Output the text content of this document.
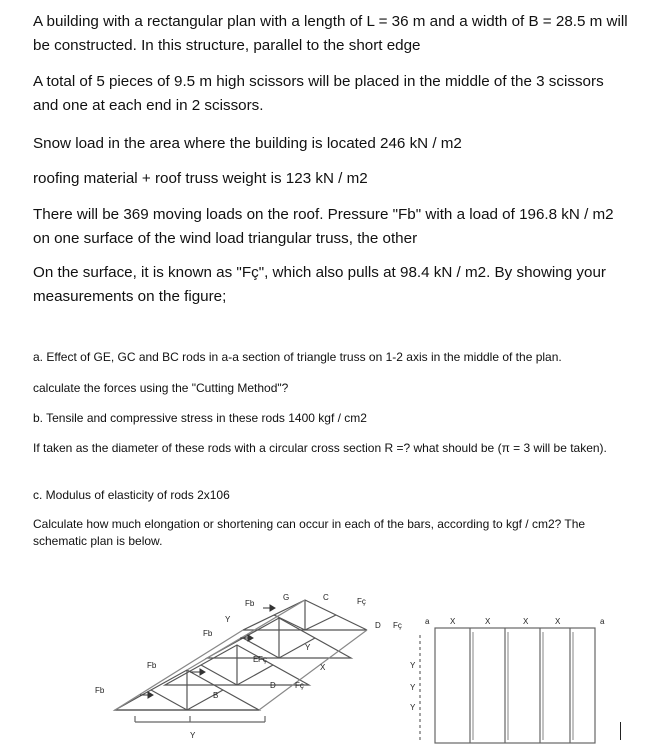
A building with a rectangular plan with a length of L = 36 m and a width of B = 28.5 m will be constructed. In this structure, parallel to the short edge

A total of 5 pieces of 9.5 m high scissors will be placed in the middle of the 3 scissors and one at each end in 2 scissors.

Snow load in the area where the building is located 246 kN / m2

roofing material + roof truss weight is 123 kN / m2

There will be 369 moving loads on the roof. Pressure "Fb" with a load of 196.8 kN / m2 on one surface of the wind load triangular truss, the other

On the surface, it is known as "Fç", which also pulls at 98.4 kN / m2. By showing your measurements on the figure;

a. Effect of GE, GC and BC rods in a-a section of triangle truss on 1-2 axis in the middle of the plan.

calculate the forces using the "Cutting Method"?

b. Tensile and compressive stress in these rods 1400 kgf / cm2

If taken as the diameter of these rods with a circular cross section R =? what should be (π = 3 will be taken).

c. Modulus of elasticity of rods 2x106

Calculate how much elongation or shortening can occur in each of the bars, according to kgf / cm2? The schematic plan is below.

Fb
Fb
Fb
Fb	Fç
Fç
Fç
Fç
D
D
E
G	C
B
Y
Y
Y
Y
Y
Y
X
X	X	X	X
a	a
